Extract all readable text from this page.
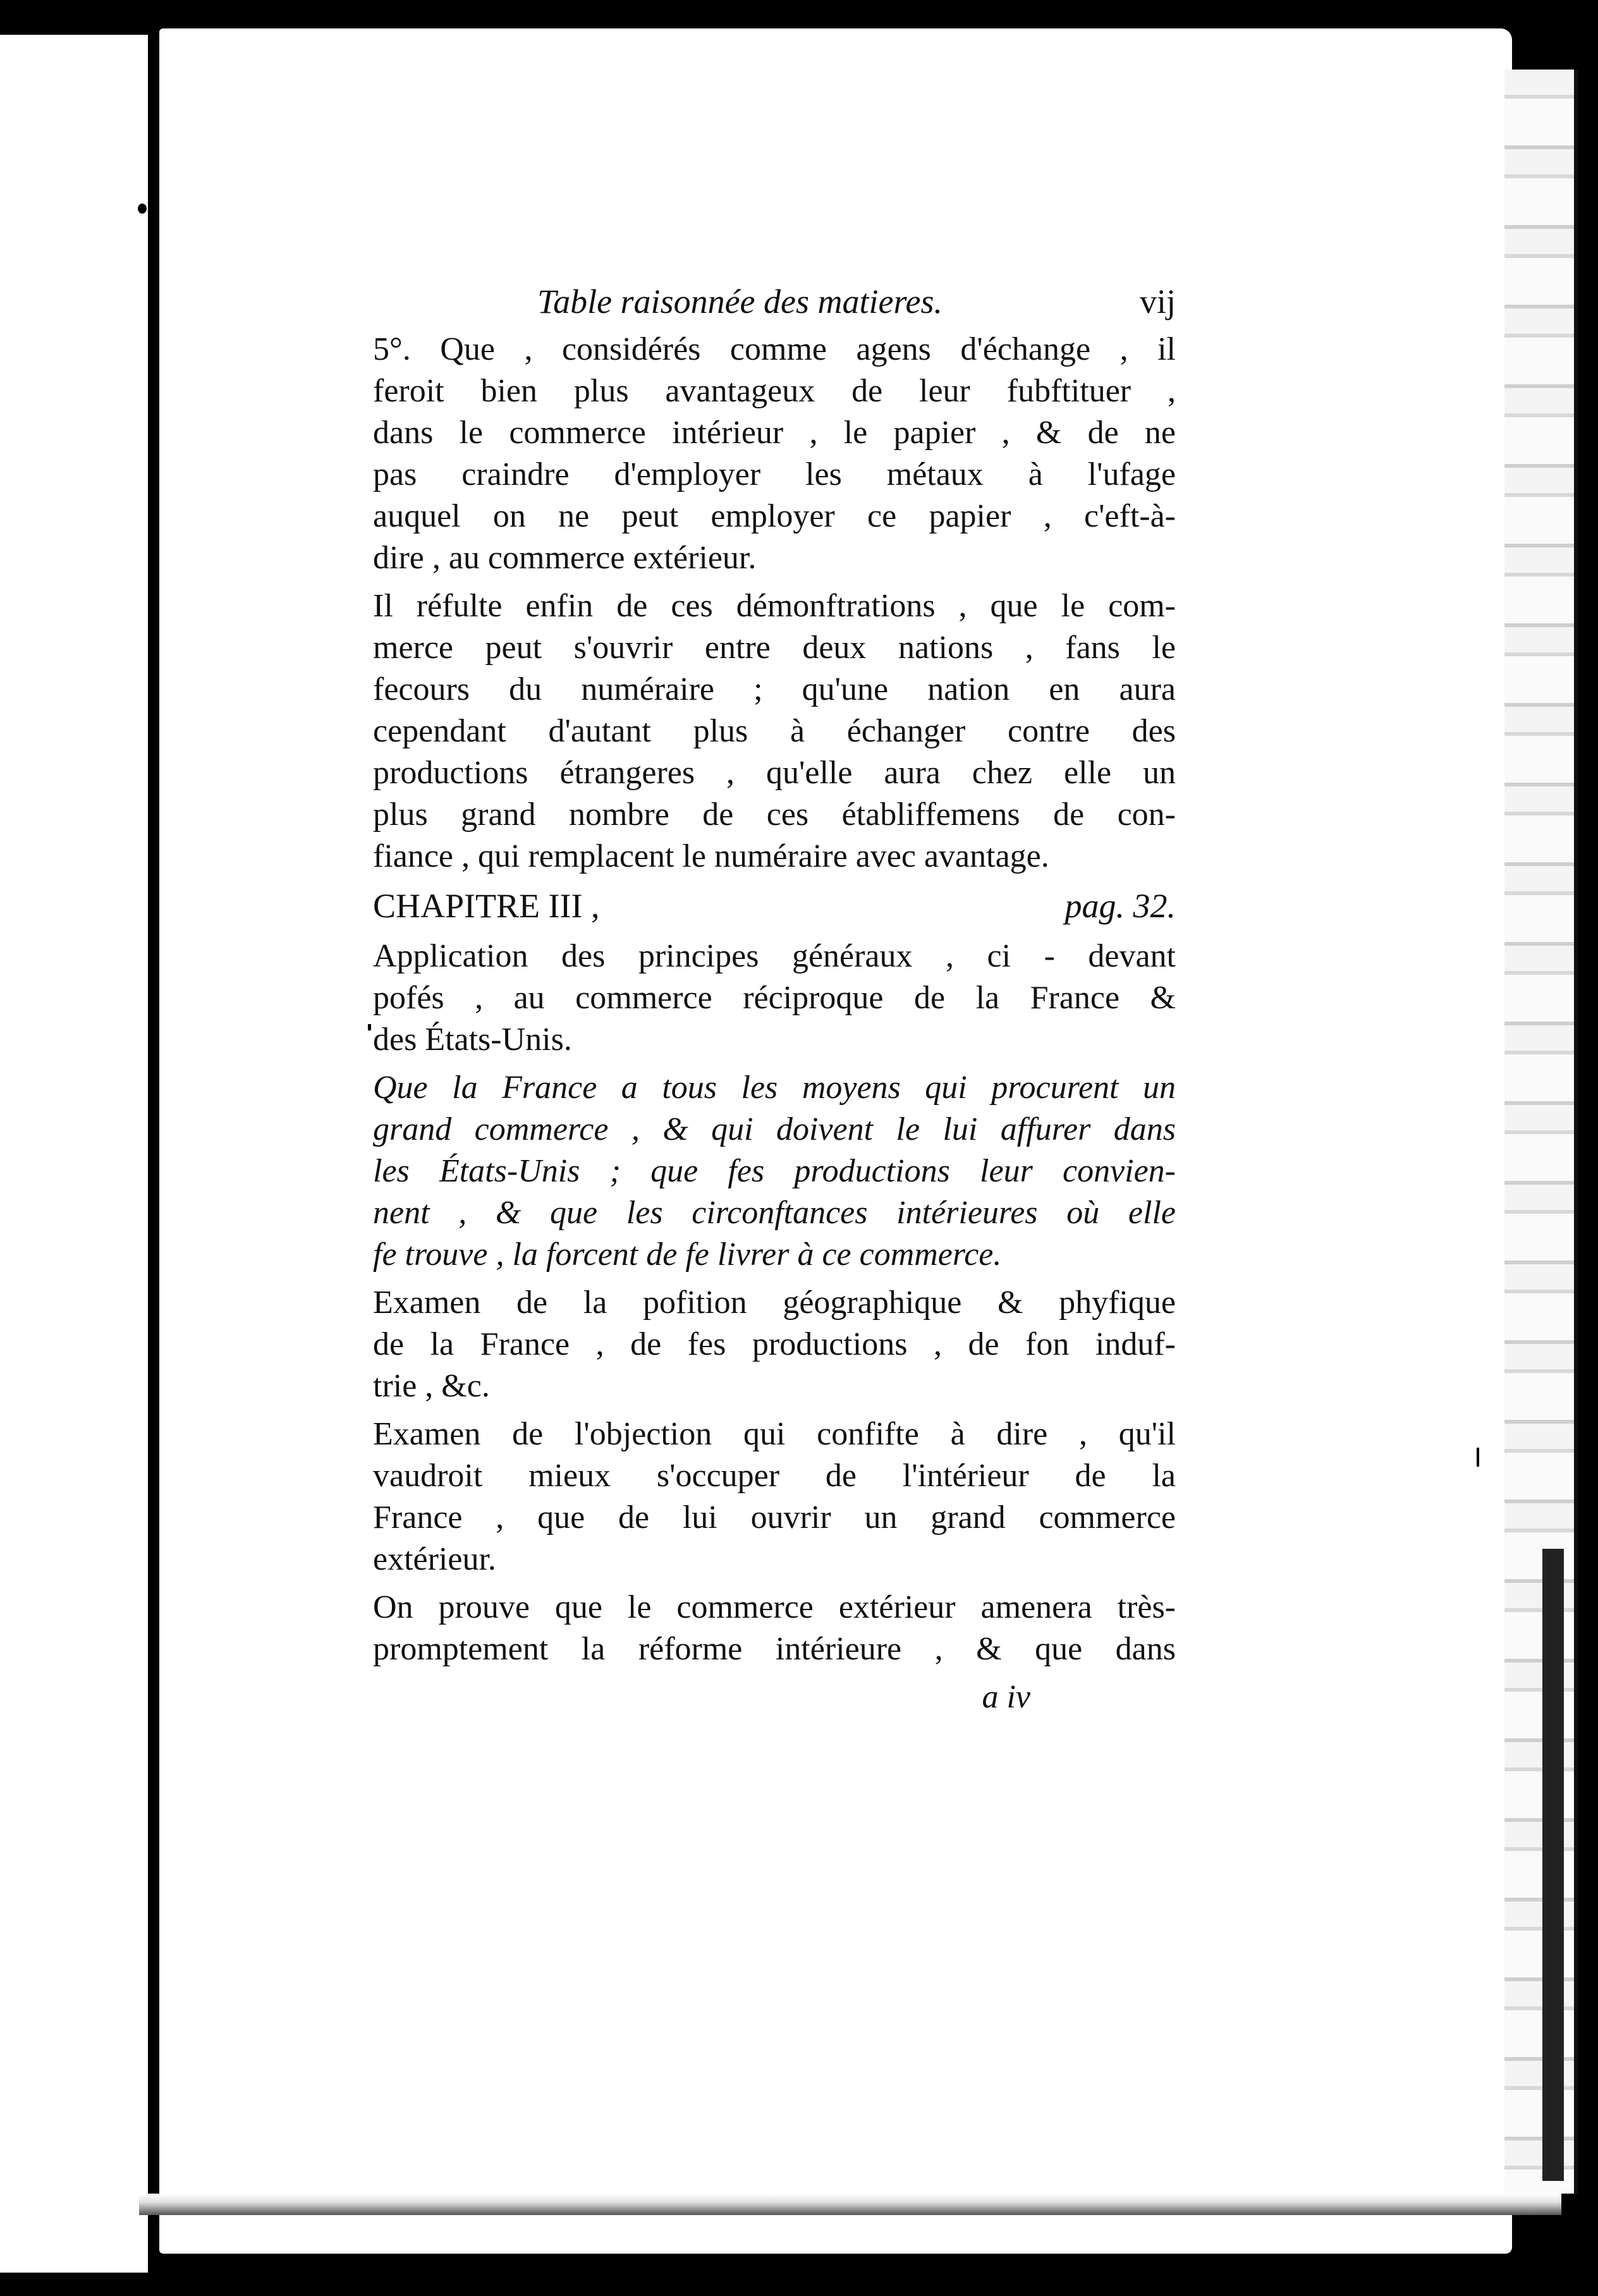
Table raisonnée des matieres.	vij
5°. Que , considérés comme agens d'échange , il
feroit bien plus avantageux de leur fubftituer ,
dans le commerce intérieur , le papier , & de ne
pas craindre d'employer les métaux à l'ufage
auquel on ne peut employer ce papier , c'eft-à-
dire , au commerce extérieur.
Il réfulte enfin de ces démonftrations , que le com-
merce peut s'ouvrir entre deux nations , fans le
fecours du numéraire ; qu'une nation en aura
cependant d'autant plus à échanger contre des
productions étrangeres , qu'elle aura chez elle un
plus grand nombre de ces établiffemens de con-
fiance , qui remplacent le numéraire avec avantage.
CHAPITRE III ,	pag. 32.
Application des principes généraux , ci - devant
pofés , au commerce réciproque de la France &
des États-Unis.
Que la France a tous les moyens qui procurent un
grand commerce , & qui doivent le lui affurer dans
les États-Unis ; que fes productions leur convien-
nent , & que les circonftances intérieures où elle
fe trouve , la forcent de fe livrer à ce commerce.
Examen de la pofition géographique & phyfique
de la France , de fes productions , de fon induf-
trie , &c.
Examen de l'objection qui confifte à dire , qu'il
vaudroit mieux s'occuper de l'intérieur de la
France , que de lui ouvrir un grand commerce
extérieur.
On prouve que le commerce extérieur amenera très-
promptement la réforme intérieure , & que dans
a iv
